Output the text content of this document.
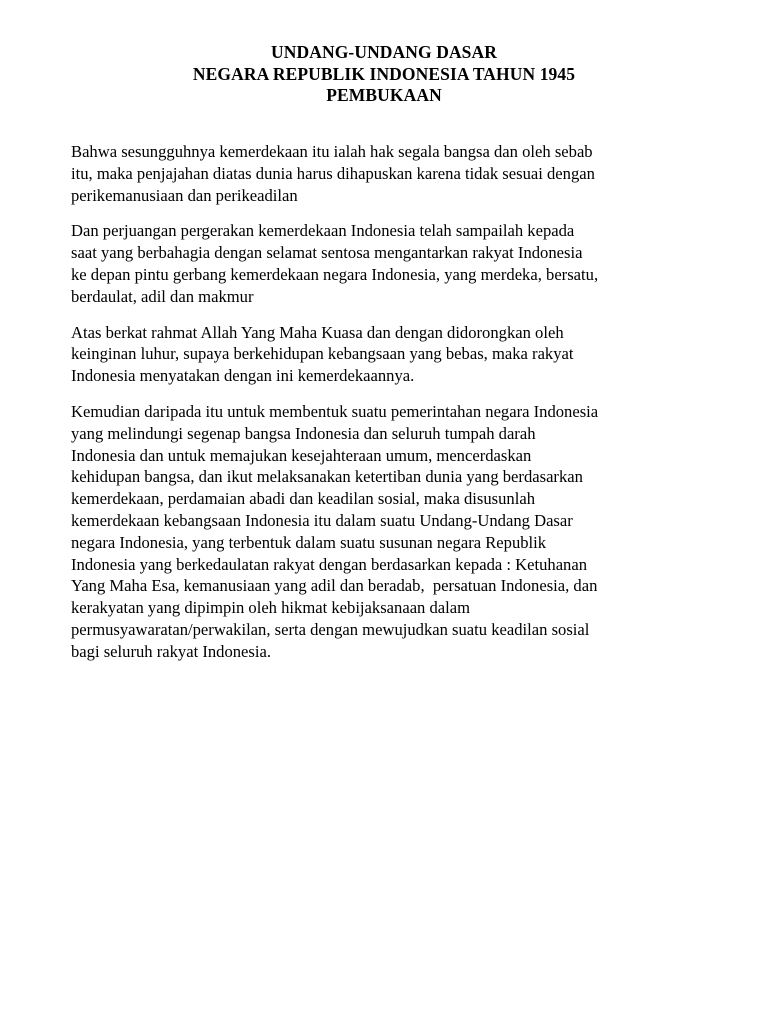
UNDANG-UNDANG DASAR
NEGARA REPUBLIK INDONESIA TAHUN 1945
PEMBUKAAN

Bahwa sesungguhnya kemerdekaan itu ialah hak segala bangsa dan oleh sebab
itu, maka penjajahan diatas dunia harus dihapuskan karena tidak sesuai dengan
perikemanusiaan dan perikeadilan

Dan perjuangan pergerakan kemerdekaan Indonesia telah sampailah kepada
saat yang berbahagia dengan selamat sentosa mengantarkan rakyat Indonesia
ke depan pintu gerbang kemerdekaan negara Indonesia, yang merdeka, bersatu,
berdaulat, adil dan makmur

Atas berkat rahmat Allah Yang Maha Kuasa dan dengan didorongkan oleh
keinginan luhur, supaya berkehidupan kebangsaan yang bebas, maka rakyat
Indonesia menyatakan dengan ini kemerdekaannya.

Kemudian daripada itu untuk membentuk suatu pemerintahan negara Indonesia
yang melindungi segenap bangsa Indonesia dan seluruh tumpah darah
Indonesia dan untuk memajukan kesejahteraan umum, mencerdaskan
kehidupan bangsa, dan ikut melaksanakan ketertiban dunia yang berdasarkan
kemerdekaan, perdamaian abadi dan keadilan sosial, maka disusunlah
kemerdekaan kebangsaan Indonesia itu dalam suatu Undang-Undang Dasar
negara Indonesia, yang terbentuk dalam suatu susunan negara Republik
Indonesia yang berkedaulatan rakyat dengan berdasarkan kepada : Ketuhanan
Yang Maha Esa, kemanusiaan yang adil dan beradab,  persatuan Indonesia, dan
kerakyatan yang dipimpin oleh hikmat kebijaksanaan dalam
permusyawaratan/perwakilan, serta dengan mewujudkan suatu keadilan sosial
bagi seluruh rakyat Indonesia.
